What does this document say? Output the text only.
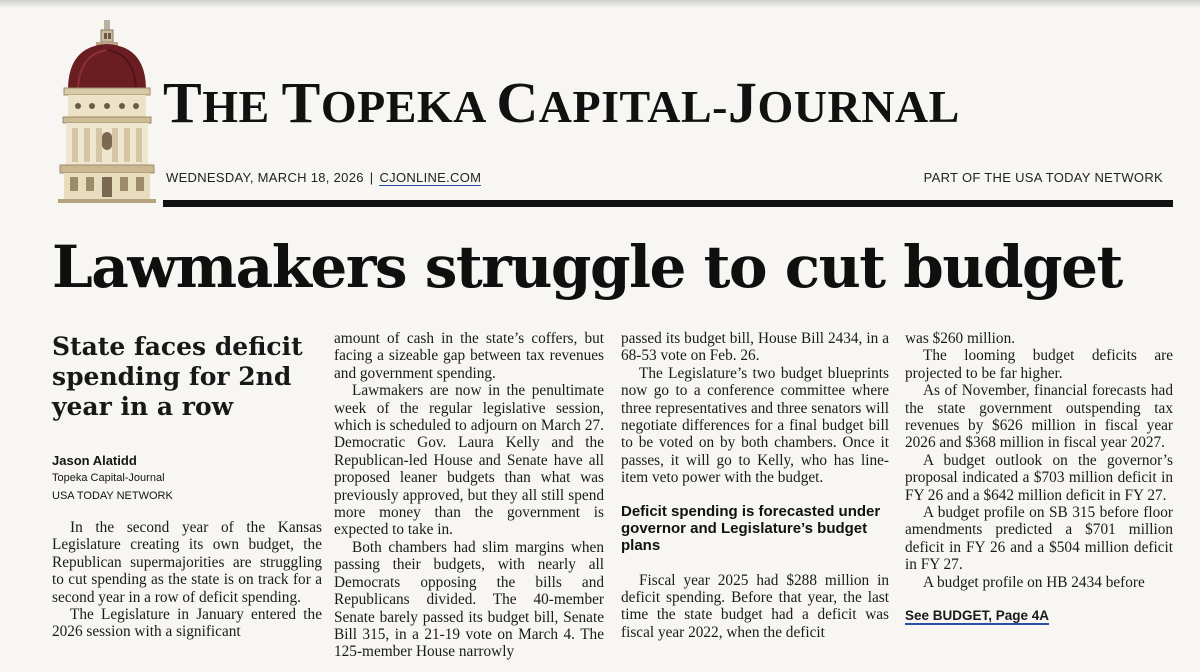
THE TOPEKA CAPITAL-JOURNAL
WEDNESDAY, MARCH 18, 2026 | CJONLINE.COM	PART OF THE USA TODAY NETWORK
Lawmakers struggle to cut budget
State faces deficit spending for 2nd year in a row
Jason Alatidd
Topeka Capital-Journal
USA TODAY NETWORK

In the second year of the Kansas Legislature creating its own budget, the Republican supermajorities are struggling to cut spending as the state is on track for a second year in a row of deficit spending.

The Legislature in January entered the 2026 session with a significant

amount of cash in the state’s coffers, but facing a sizeable gap between tax revenues and government spending.

Lawmakers are now in the penultimate week of the regular legislative session, which is scheduled to adjourn on March 27. Democratic Gov. Laura Kelly and the Republican-led House and Senate have all proposed leaner budgets than what was previously approved, but they all still spend more money than the government is expected to take in.

Both chambers had slim margins when passing their budgets, with nearly all Democrats opposing the bills and Republicans divided. The 40-member Senate barely passed its budget bill, Senate Bill 315, in a 21-19 vote on March 4. The 125-member House narrowly

passed its budget bill, House Bill 2434, in a 68-53 vote on Feb. 26.

The Legislature’s two budget blueprints now go to a conference committee where three representatives and three senators will negotiate differences for a final budget bill to be voted on by both chambers. Once it passes, it will go to Kelly, who has line-item veto power with the budget.

Deficit spending is forecasted under governor and Legislature’s budget plans

Fiscal year 2025 had $288 million in deficit spending. Before that year, the last time the state budget had a deficit was fiscal year 2022, when the deficit

was $260 million.

The looming budget deficits are projected to be far higher.

As of November, financial forecasts had the state government outspending tax revenues by $626 million in fiscal year 2026 and $368 million in fiscal year 2027.

A budget outlook on the governor’s proposal indicated a $703 million deficit in FY 26 and a $642 million deficit in FY 27.

A budget profile on SB 315 before floor amendments predicted a $701 million deficit in FY 26 and a $504 million deficit in FY 27.

A budget profile on HB 2434 before

See BUDGET, Page 4A
